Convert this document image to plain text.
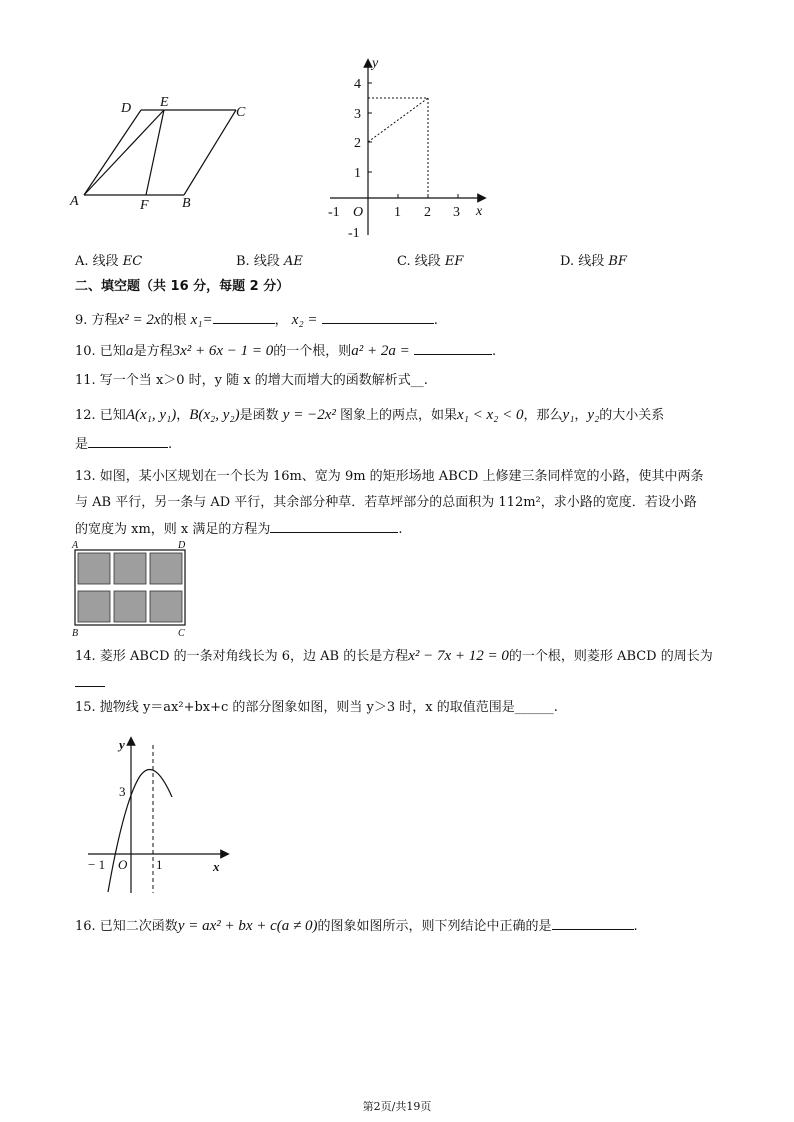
D E
C
A	F B
y
x
4
3
2
1
-1
-1 O 1 2 3
A. 线段 EC	B. 线段 AE	C. 线段 EF	D. 线段 BF
二、填空题（共 16 分，每题 2 分）
9. 方程x² = 2x的根 x₁=	， x₂ =	.
10. 已知a是方程3x² + 6x − 1 = 0的一个根，则a² + 2a =	.
11. 写一个当 x＞0 时，y 随 x 的增大而增大的函数解析式__.
12. 已知A(x₁, y₁)，B(x₂, y₂)是函数 y = −2x² 图象上的两点，如果x₁ < x₂ < 0，那么y₁，y₂的大小关系
是	.
13. 如图，某小区规划在一个长为 16m、宽为 9m 的矩形场地 ABCD 上修建三条同样宽的小路，使其中两条
与 AB 平行，另一条与 AD 平行，其余部分种草．若草坪部分的总面积为 112m²，求小路的宽度．若设小路
的宽度为 xm，则 x 满足的方程为	.
A	D
B	C
14. 菱形 ABCD 的一条对角线长为 6，边 AB 的长是方程x² − 7x + 12 = 0的一个根，则菱形 ABCD 的周长为
15. 抛物线 y＝ax²+bx+c 的部分图象如图，则当 y＞3 时，x 的取值范围是______.
y
x
3
− 1 O 1
16. 已知二次函数y = ax² + bx + c(a ≠ 0)的图象如图所示，则下列结论中正确的是	.
第2页/共19页
